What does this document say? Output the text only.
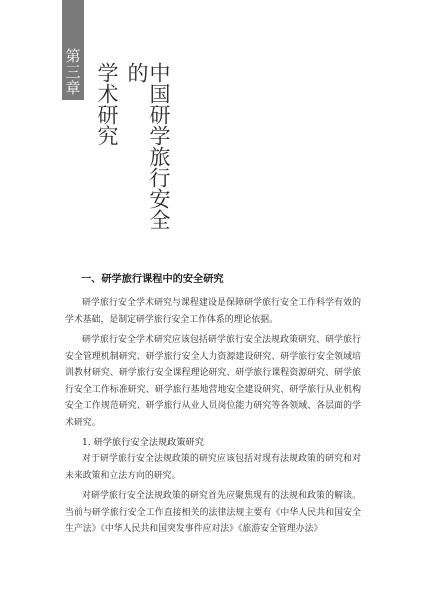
第三章	中国研学旅行安全的
学术研究
一、研学旅行课程中的安全研究

研学旅行安全学术研究与课程建设是保障研学旅行安全工作科学有效的学术基础，是制定研学旅行安全工作体系的理论依据。

研学旅行安全学术研究应该包括研学旅行安全法规政策研究、研学旅行安全管理机制研究、研学旅行安全人力资源建设研究、研学旅行安全领域培训教材研究、研学旅行安全课程理论研究、研学旅行课程资源研究、研学旅行安全工作标准研究、研学旅行基地营地安全建设研究、研学旅行从业机构安全工作规范研究、研学旅行从业人员岗位能力研究等各领域、各层面的学术研究。

1. 研学旅行安全法规政策研究

对于研学旅行安全法规政策的研究应该包括对现有法规政策的研究和对未来政策和立法方向的研究。

对研学旅行安全法规政策的研究首先应聚焦现有的法规和政策的解读。当前与研学旅行安全工作直接相关的法律法规主要有《中华人民共和国安全生产法》《中华人民共和国突发事件应对法》《旅游安全管理办法》
